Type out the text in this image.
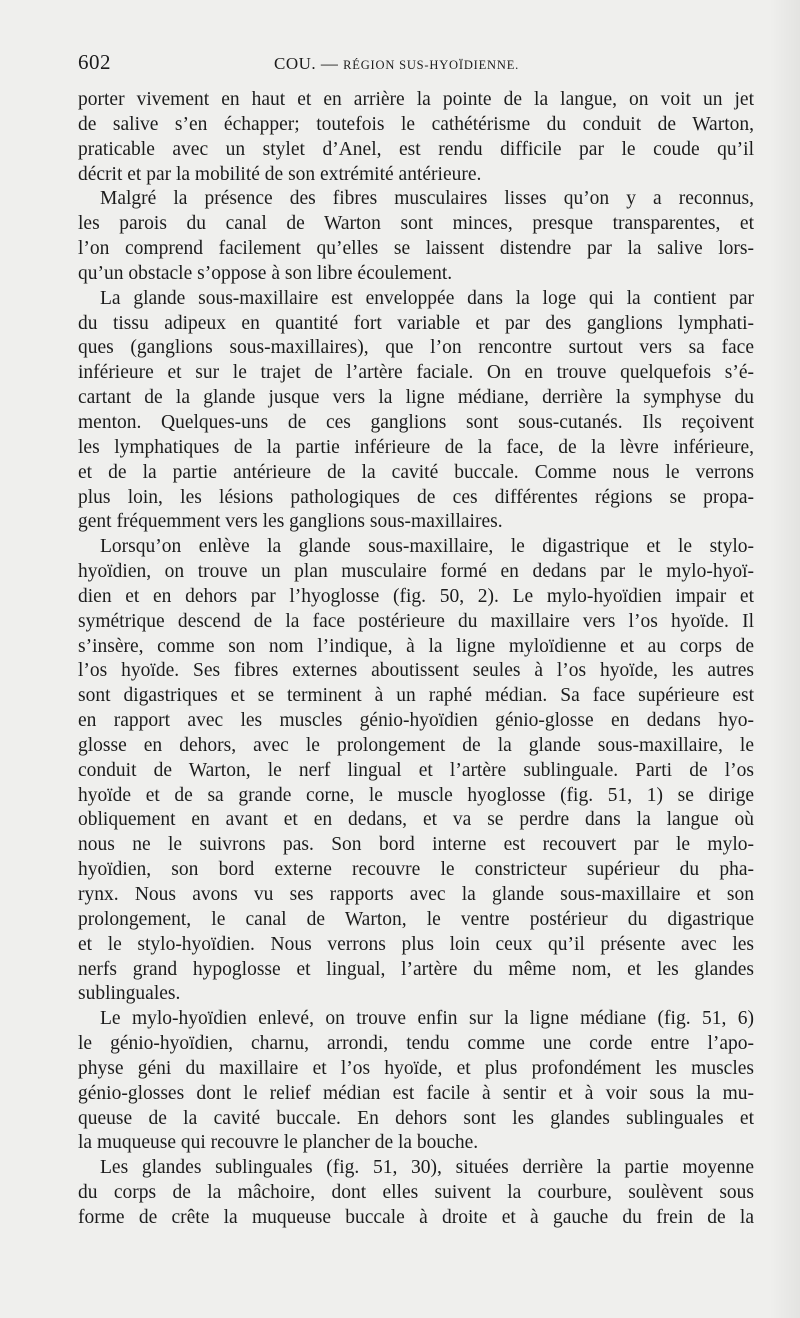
602	COU. — RÉGION SUS-HYOÏDIENNE.
porter vivement en haut et en arrière la pointe de la langue, on voit un jet
de salive s’en échapper; toutefois le cathétérisme du conduit de Warton,
praticable avec un stylet d’Anel, est rendu difficile par le coude qu’il
décrit et par la mobilité de son extrémité antérieure.
Malgré la présence des fibres musculaires lisses qu’on y a reconnus,
les parois du canal de Warton sont minces, presque transparentes, et
l’on comprend facilement qu’elles se laissent distendre par la salive lors-
qu’un obstacle s’oppose à son libre écoulement.
La glande sous-maxillaire est enveloppée dans la loge qui la contient par
du tissu adipeux en quantité fort variable et par des ganglions lymphati-
ques (ganglions sous-maxillaires), que l’on rencontre surtout vers sa face
inférieure et sur le trajet de l’artère faciale. On en trouve quelquefois s’é-
cartant de la glande jusque vers la ligne médiane, derrière la symphyse du
menton. Quelques-uns de ces ganglions sont sous-cutanés. Ils reçoivent
les lymphatiques de la partie inférieure de la face, de la lèvre inférieure,
et de la partie antérieure de la cavité buccale. Comme nous le verrons
plus loin, les lésions pathologiques de ces différentes régions se propa-
gent fréquemment vers les ganglions sous-maxillaires.
Lorsqu’on enlève la glande sous-maxillaire, le digastrique et le stylo-
hyoïdien, on trouve un plan musculaire formé en dedans par le mylo-hyoï-
dien et en dehors par l’hyoglosse (fig. 50, 2). Le mylo-hyoïdien impair et
symétrique descend de la face postérieure du maxillaire vers l’os hyoïde. Il
s’insère, comme son nom l’indique, à la ligne myloïdienne et au corps de
l’os hyoïde. Ses fibres externes aboutissent seules à l’os hyoïde, les autres
sont digastriques et se terminent à un raphé médian. Sa face supérieure est
en rapport avec les muscles génio-hyoïdien génio-glosse en dedans hyo-
glosse en dehors, avec le prolongement de la glande sous-maxillaire, le
conduit de Warton, le nerf lingual et l’artère sublinguale. Parti de l’os
hyoïde et de sa grande corne, le muscle hyoglosse (fig. 51, 1) se dirige
obliquement en avant et en dedans, et va se perdre dans la langue où
nous ne le suivrons pas. Son bord interne est recouvert par le mylo-
hyoïdien, son bord externe recouvre le constricteur supérieur du pha-
rynx. Nous avons vu ses rapports avec la glande sous-maxillaire et son
prolongement, le canal de Warton, le ventre postérieur du digastrique
et le stylo-hyoïdien. Nous verrons plus loin ceux qu’il présente avec les
nerfs grand hypoglosse et lingual, l’artère du même nom, et les glandes
sublinguales.
Le mylo-hyoïdien enlevé, on trouve enfin sur la ligne médiane (fig. 51, 6)
le génio-hyoïdien, charnu, arrondi, tendu comme une corde entre l’apo-
physe géni du maxillaire et l’os hyoïde, et plus profondément les muscles
génio-glosses dont le relief médian est facile à sentir et à voir sous la mu-
queuse de la cavité buccale. En dehors sont les glandes sublinguales et
la muqueuse qui recouvre le plancher de la bouche.
Les glandes sublinguales (fig. 51, 30), situées derrière la partie moyenne
du corps de la mâchoire, dont elles suivent la courbure, soulèvent sous
forme de crête la muqueuse buccale à droite et à gauche du frein de la
